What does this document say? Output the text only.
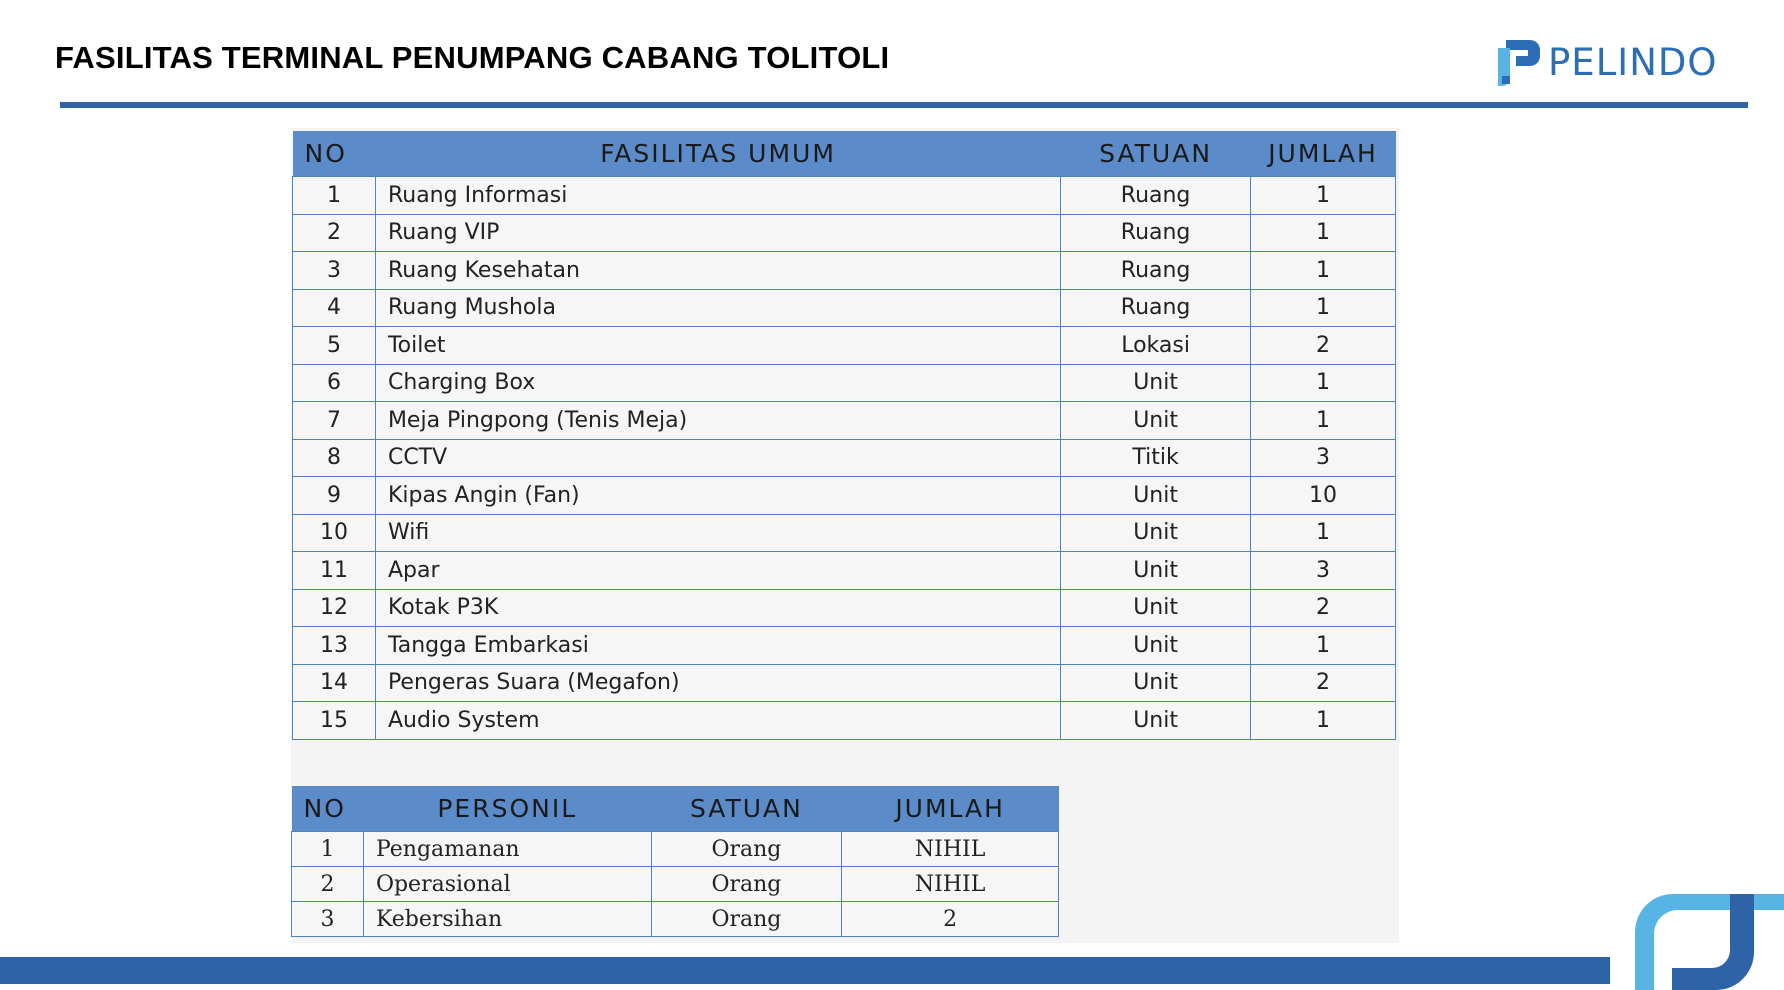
FASILITAS TERMINAL PENUMPANG CABANG TOLITOLI	PELINDO
NO	FASILITAS UMUM	SATUAN	JUMLAH
1	Ruang Informasi	Ruang	1
2	Ruang VIP	Ruang	1
3	Ruang Kesehatan	Ruang	1
4	Ruang Mushola	Ruang	1
5	Toilet	Lokasi	2
6	Charging Box	Unit	1
7	Meja Pingpong (Tenis Meja)	Unit	1
8	CCTV	Titik	3
9	Kipas Angin (Fan)	Unit	10
10	Wifi	Unit	1
11	Apar	Unit	3
12	Kotak P3K	Unit	2
13	Tangga Embarkasi	Unit	1
14	Pengeras Suara (Megafon)	Unit	2
15	Audio System	Unit	1
NO	PERSONIL	SATUAN	JUMLAH
1	Pengamanan	Orang	NIHIL
2	Operasional	Orang	NIHIL
3	Kebersihan	Orang	2
